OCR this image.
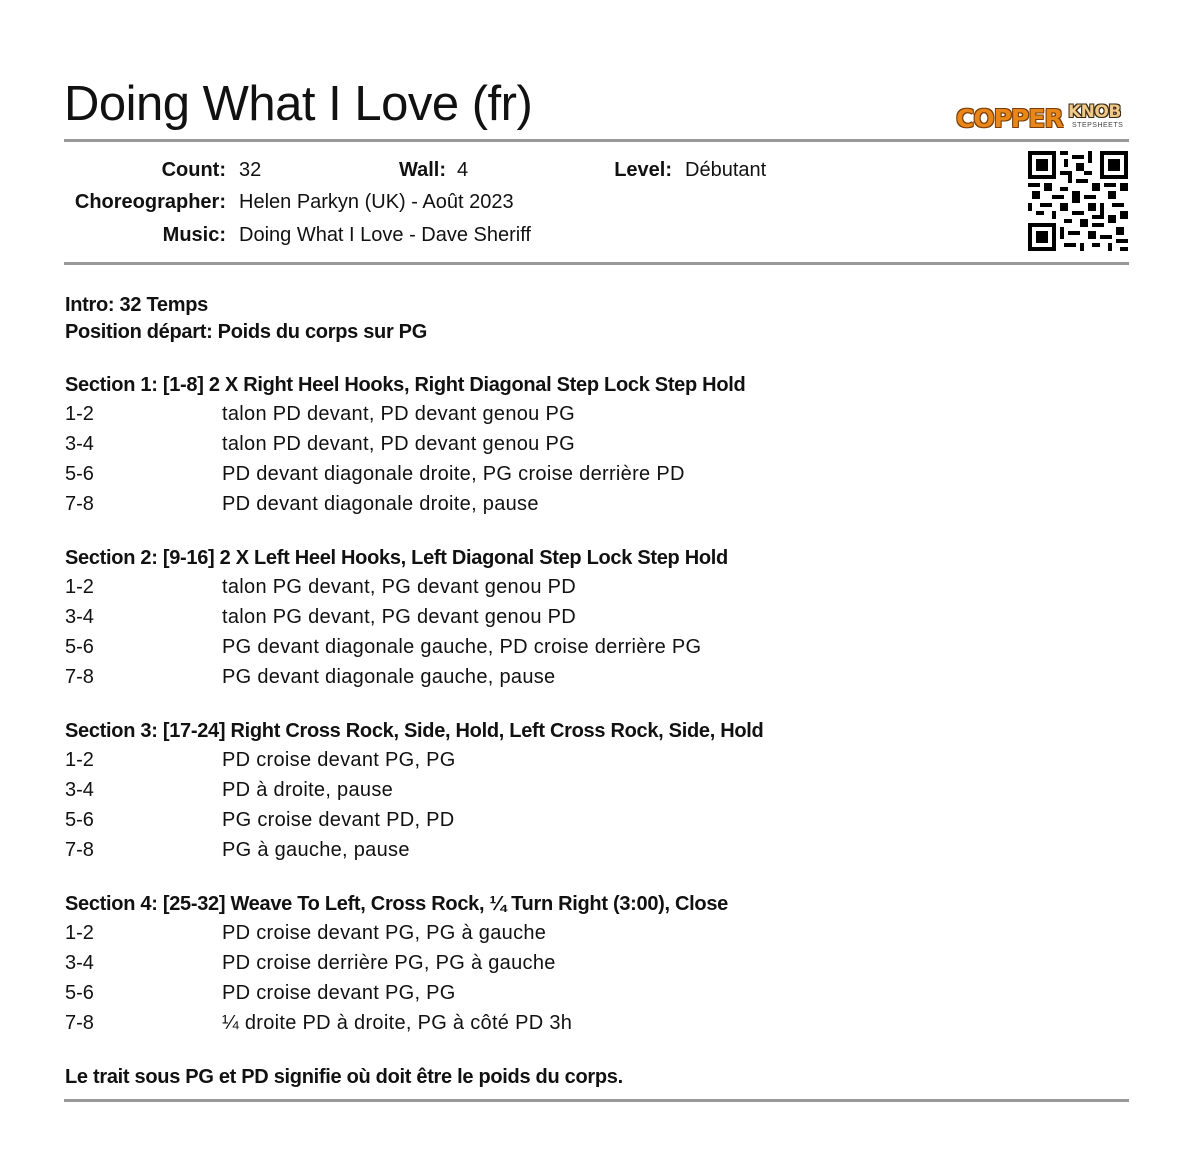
Doing What I Love (fr)	COPPER KNOB
STEPSHEETS
Count: 32	Wall: 4	Level: Débutant
Choreographer: Helen Parkyn (UK) - Août 2023
Music: Doing What I Love - Dave Sheriff
Intro: 32 Temps
Position départ: Poids du corps sur PG
Section 1: [1-8] 2 X Right Heel Hooks, Right Diagonal Step Lock Step Hold
1-2	talon PD devant, PD devant genou PG
3-4	talon PD devant, PD devant genou PG
5-6	PD devant diagonale droite, PG croise derrière PD
7-8	PD devant diagonale droite, pause
Section 2: [9-16] 2 X Left Heel Hooks, Left Diagonal Step Lock Step Hold
1-2	talon PG devant, PG devant genou PD
3-4	talon PG devant, PG devant genou PD
5-6	PG devant diagonale gauche, PD croise derrière PG
7-8	PG devant diagonale gauche, pause
Section 3: [17-24] Right Cross Rock, Side, Hold, Left Cross Rock, Side, Hold
1-2	PD croise devant PG, PG
3-4	PD à droite, pause
5-6	PG croise devant PD, PD
7-8	PG à gauche, pause
Section 4: [25-32] Weave To Left, Cross Rock, ¼ Turn Right (3:00), Close
1-2	PD croise devant PG, PG à gauche
3-4	PD croise derrière PG, PG à gauche
5-6	PD croise devant PG, PG
7-8	¼ droite PD à droite, PG à côté PD 3h
Le trait sous PG et PD signifie où doit être le poids du corps.
